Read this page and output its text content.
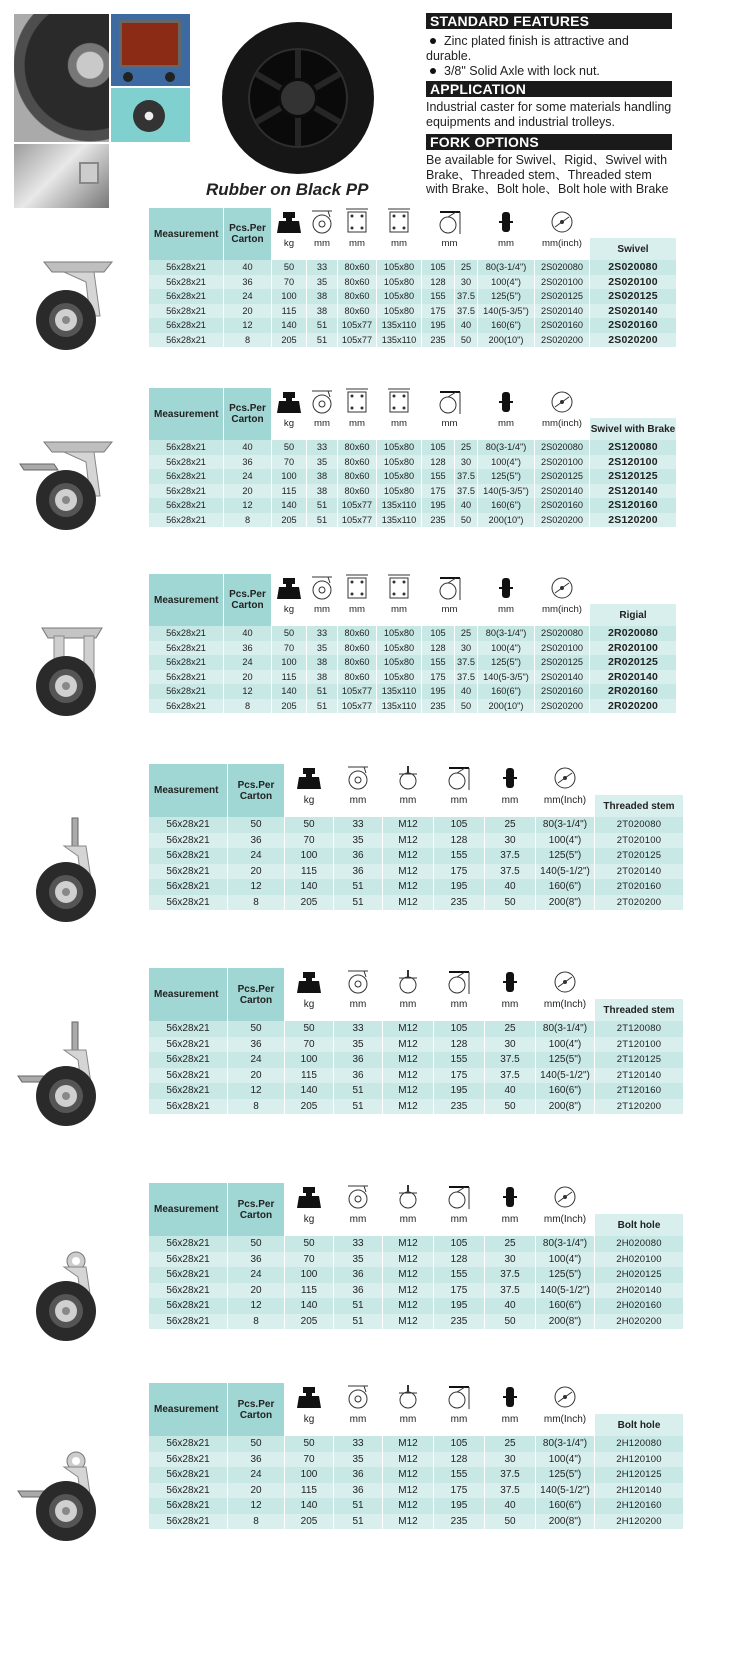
Rubber on Black PP
STANDARD FEATURES
Zinc plated finish is attractive and durable.
3/8" Solid Axle with lock nut.
APPLICATION
Industrial caster for some materials handling equipments and industrial trolleys.
FORK OPTIONS
Be available for Swivel、Rigid、Swivel with Brake、Threaded stem、Threaded stem with Brake、Bolt hole、Bolt hole with Brake
Measurement	Pcs.Per
Carton

		kg	mm	mm	mm	mm		mm	mm(inch)	Swivel
56x28x21	40	50	33	80x60	105x80	105	25	80(3-1/4")	2S020080	2S020080
56x28x21	36	70	35	80x60	105x80	128	30	100(4")	2S020100	2S020100
56x28x21	24	100	38	80x60	105x80	155	37.5	125(5")	2S020125	2S020125
56x28x21	20	115	38	80x60	105x80	175	37.5	140(5-3/5")	2S020140	2S020140
56x28x21	12	140	51	105x77	135x110	195	40	160(6")	2S020160	2S020160
56x28x21	8	205	51	105x77	135x110	235	50	200(10")	2S020200	2S020200
Measurement	Pcs.Per
Carton

		kg	mm	mm	mm	mm		mm	mm(inch)	Swivel with Brake
56x28x21	40	50	33	80x60	105x80	105	25	80(3-1/4")	2S020080	2S120080
56x28x21	36	70	35	80x60	105x80	128	30	100(4")	2S020100	2S120100
56x28x21	24	100	38	80x60	105x80	155	37.5	125(5")	2S020125	2S120125
56x28x21	20	115	38	80x60	105x80	175	37.5	140(5-3/5")	2S020140	2S120140
56x28x21	12	140	51	105x77	135x110	195	40	160(6")	2S020160	2S120160
56x28x21	8	205	51	105x77	135x110	235	50	200(10")	2S020200	2S120200
Measurement	Pcs.Per
Carton

		kg	mm	mm	mm	mm		mm	mm(inch)	Rigial
56x28x21	40	50	33	80x60	105x80	105	25	80(3-1/4")	2S020080	2R020080
56x28x21	36	70	35	80x60	105x80	128	30	100(4")	2S020100	2R020100
56x28x21	24	100	38	80x60	105x80	155	37.5	125(5")	2S020125	2R020125
56x28x21	20	115	38	80x60	105x80	175	37.5	140(5-3/5")	2S020140	2R020140
56x28x21	12	140	51	105x77	135x110	195	40	160(6")	2S020160	2R020160
56x28x21	8	205	51	105x77	135x110	235	50	200(10")	2S020200	2R020200
Measurement	Pcs.Per
Carton

		kg	mm	mm	mm	mm	mm(Inch)	Threaded stem
56x28x21	50	50	33	M12	105	25	80(3-1/4")	2T020080
56x28x21	36	70	35	M12	128	30	100(4")	2T020100
56x28x21	24	100	36	M12	155	37.5	125(5")	2T020125
56x28x21	20	115	36	M12	175	37.5	140(5-1/2")	2T020140
56x28x21	12	140	51	M12	195	40	160(6")	2T020160
56x28x21	8	205	51	M12	235	50	200(8")	2T020200
Measurement	Pcs.Per
Carton

		kg	mm	mm	mm	mm	mm(Inch)	Threaded stem
56x28x21	50	50	33	M12	105	25	80(3-1/4")	2T120080
56x28x21	36	70	35	M12	128	30	100(4")	2T120100
56x28x21	24	100	36	M12	155	37.5	125(5")	2T120125
56x28x21	20	115	36	M12	175	37.5	140(5-1/2")	2T120140
56x28x21	12	140	51	M12	195	40	160(6")	2T120160
56x28x21	8	205	51	M12	235	50	200(8")	2T120200
Measurement	Pcs.Per
Carton

		kg	mm	mm	mm	mm	mm(Inch)	Bolt hole
56x28x21	50	50	33	M12	105	25	80(3-1/4")	2H020080
56x28x21	36	70	35	M12	128	30	100(4")	2H020100
56x28x21	24	100	36	M12	155	37.5	125(5")	2H020125
56x28x21	20	115	36	M12	175	37.5	140(5-1/2")	2H020140
56x28x21	12	140	51	M12	195	40	160(6")	2H020160
56x28x21	8	205	51	M12	235	50	200(8")	2H020200
Measurement	Pcs.Per
Carton

		kg	mm	mm	mm	mm	mm(Inch)	Bolt hole
56x28x21	50	50	33	M12	105	25	80(3-1/4")	2H120080
56x28x21	36	70	35	M12	128	30	100(4")	2H120100
56x28x21	24	100	36	M12	155	37.5	125(5")	2H120125
56x28x21	20	115	36	M12	175	37.5	140(5-1/2")	2H120140
56x28x21	12	140	51	M12	195	40	160(6")	2H120160
56x28x21	8	205	51	M12	235	50	200(8")	2H120200
